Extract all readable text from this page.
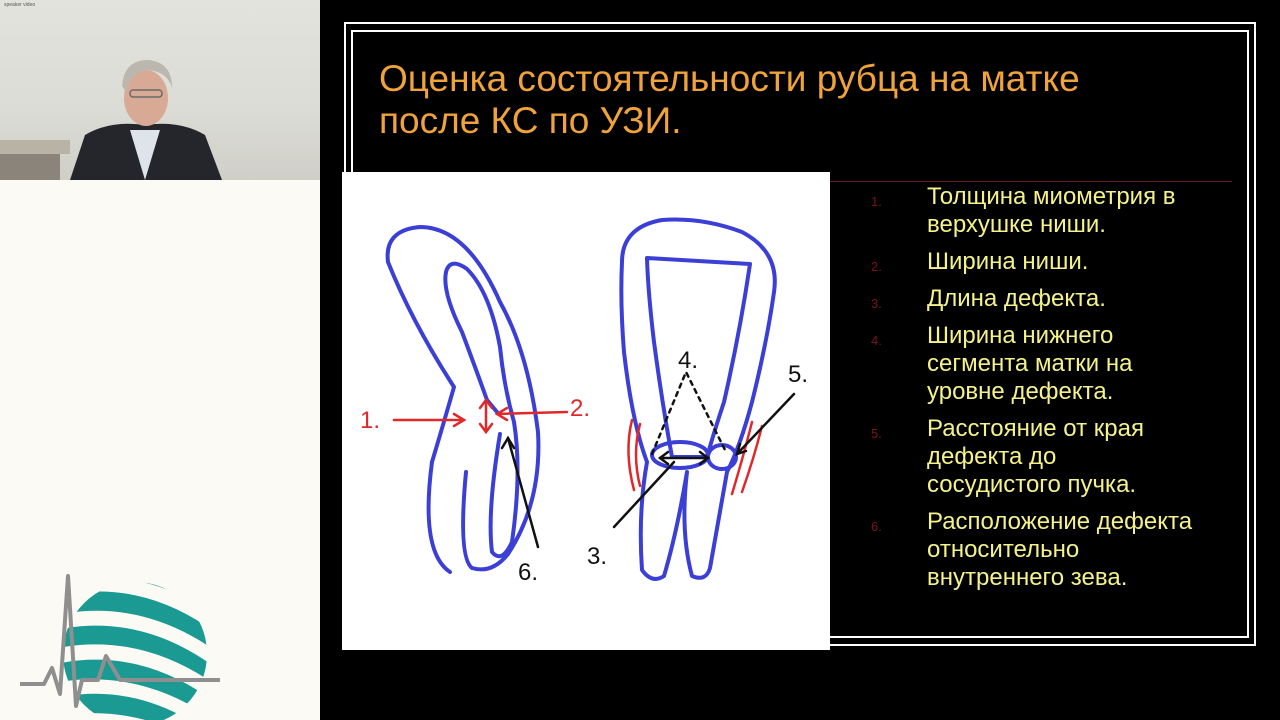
speaker video
Оценка состоятельности рубца на матке
после КС по УЗИ.
1.	2.
3.
4.
5.
6.
1. Толщина миометрия в
верхушке ниши.
2. Ширина ниши.
3. Длина дефекта.
4. Ширина нижнего
сегмента матки на
уровне дефекта.
5. Расстояние от края
дефекта до
сосудистого пучка.
6. Расположение дефекта
относительно
внутреннего зева.
